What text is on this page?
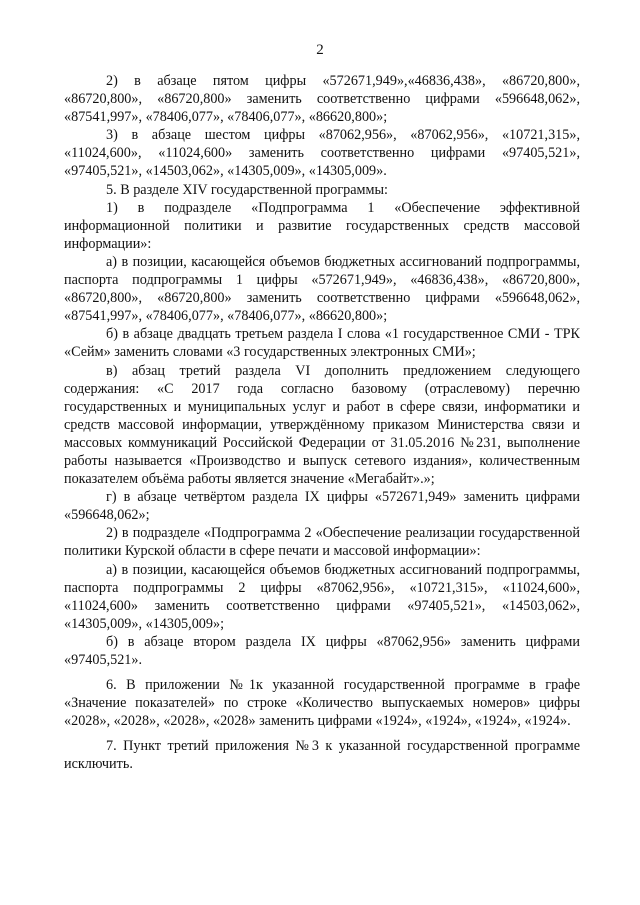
2

2) в абзаце пятом цифры «572671,949»,«46836,438», «86720,800», «86720,800», «86720,800» заменить соответственно цифрами «596648,062», «87541,997», «78406,077», «78406,077», «86620,800»;

3) в абзаце шестом цифры «87062,956», «87062,956», «10721,315», «11024,600», «11024,600» заменить соответственно цифрами «97405,521», «97405,521», «14503,062», «14305,009», «14305,009».

5. В разделе XIV государственной программы:

1) в подразделе «Подпрограмма 1 «Обеспечение эффективной информационной политики и развитие государственных средств массовой информации»:

а) в позиции, касающейся объемов бюджетных ассигнований подпрограммы, паспорта подпрограммы 1 цифры «572671,949», «46836,438», «86720,800», «86720,800», «86720,800» заменить соответственно цифрами «596648,062», «87541,997», «78406,077», «78406,077», «86620,800»;

б) в абзаце двадцать третьем раздела I слова «1 государственное СМИ - ТРК «Сейм» заменить словами «3 государственных электронных СМИ»;

в) абзац третий раздела VI дополнить предложением следующего содержания: «С 2017 года согласно базовому (отраслевому) перечню государственных и муниципальных услуг и работ в сфере связи, информатики и средств массовой информации, утверждённому приказом Министерства связи и массовых коммуникаций Российской Федерации от 31.05.2016 №231, выполнение работы называется «Производство и выпуск сетевого издания», количественным показателем объёма работы является значение «Мегабайт».»;

г) в абзаце четвёртом раздела IX цифры «572671,949» заменить цифрами «596648,062»;

2) в подразделе «Подпрограмма 2 «Обеспечение реализации государственной политики Курской области в сфере печати и массовой информации»:

а) в позиции, касающейся объемов бюджетных ассигнований подпрограммы, паспорта подпрограммы 2 цифры «87062,956», «10721,315», «11024,600», «11024,600» заменить соответственно цифрами «97405,521», «14503,062», «14305,009», «14305,009»;

б) в абзаце втором раздела IX цифры «87062,956» заменить цифрами «97405,521».

6. В приложении №1к указанной государственной программе в графе «Значение показателей» по строке «Количество выпускаемых номеров» цифры «2028», «2028», «2028», «2028» заменить цифрами «1924», «1924», «1924», «1924».

7. Пункт третий приложения №3 к указанной государственной программе исключить.
